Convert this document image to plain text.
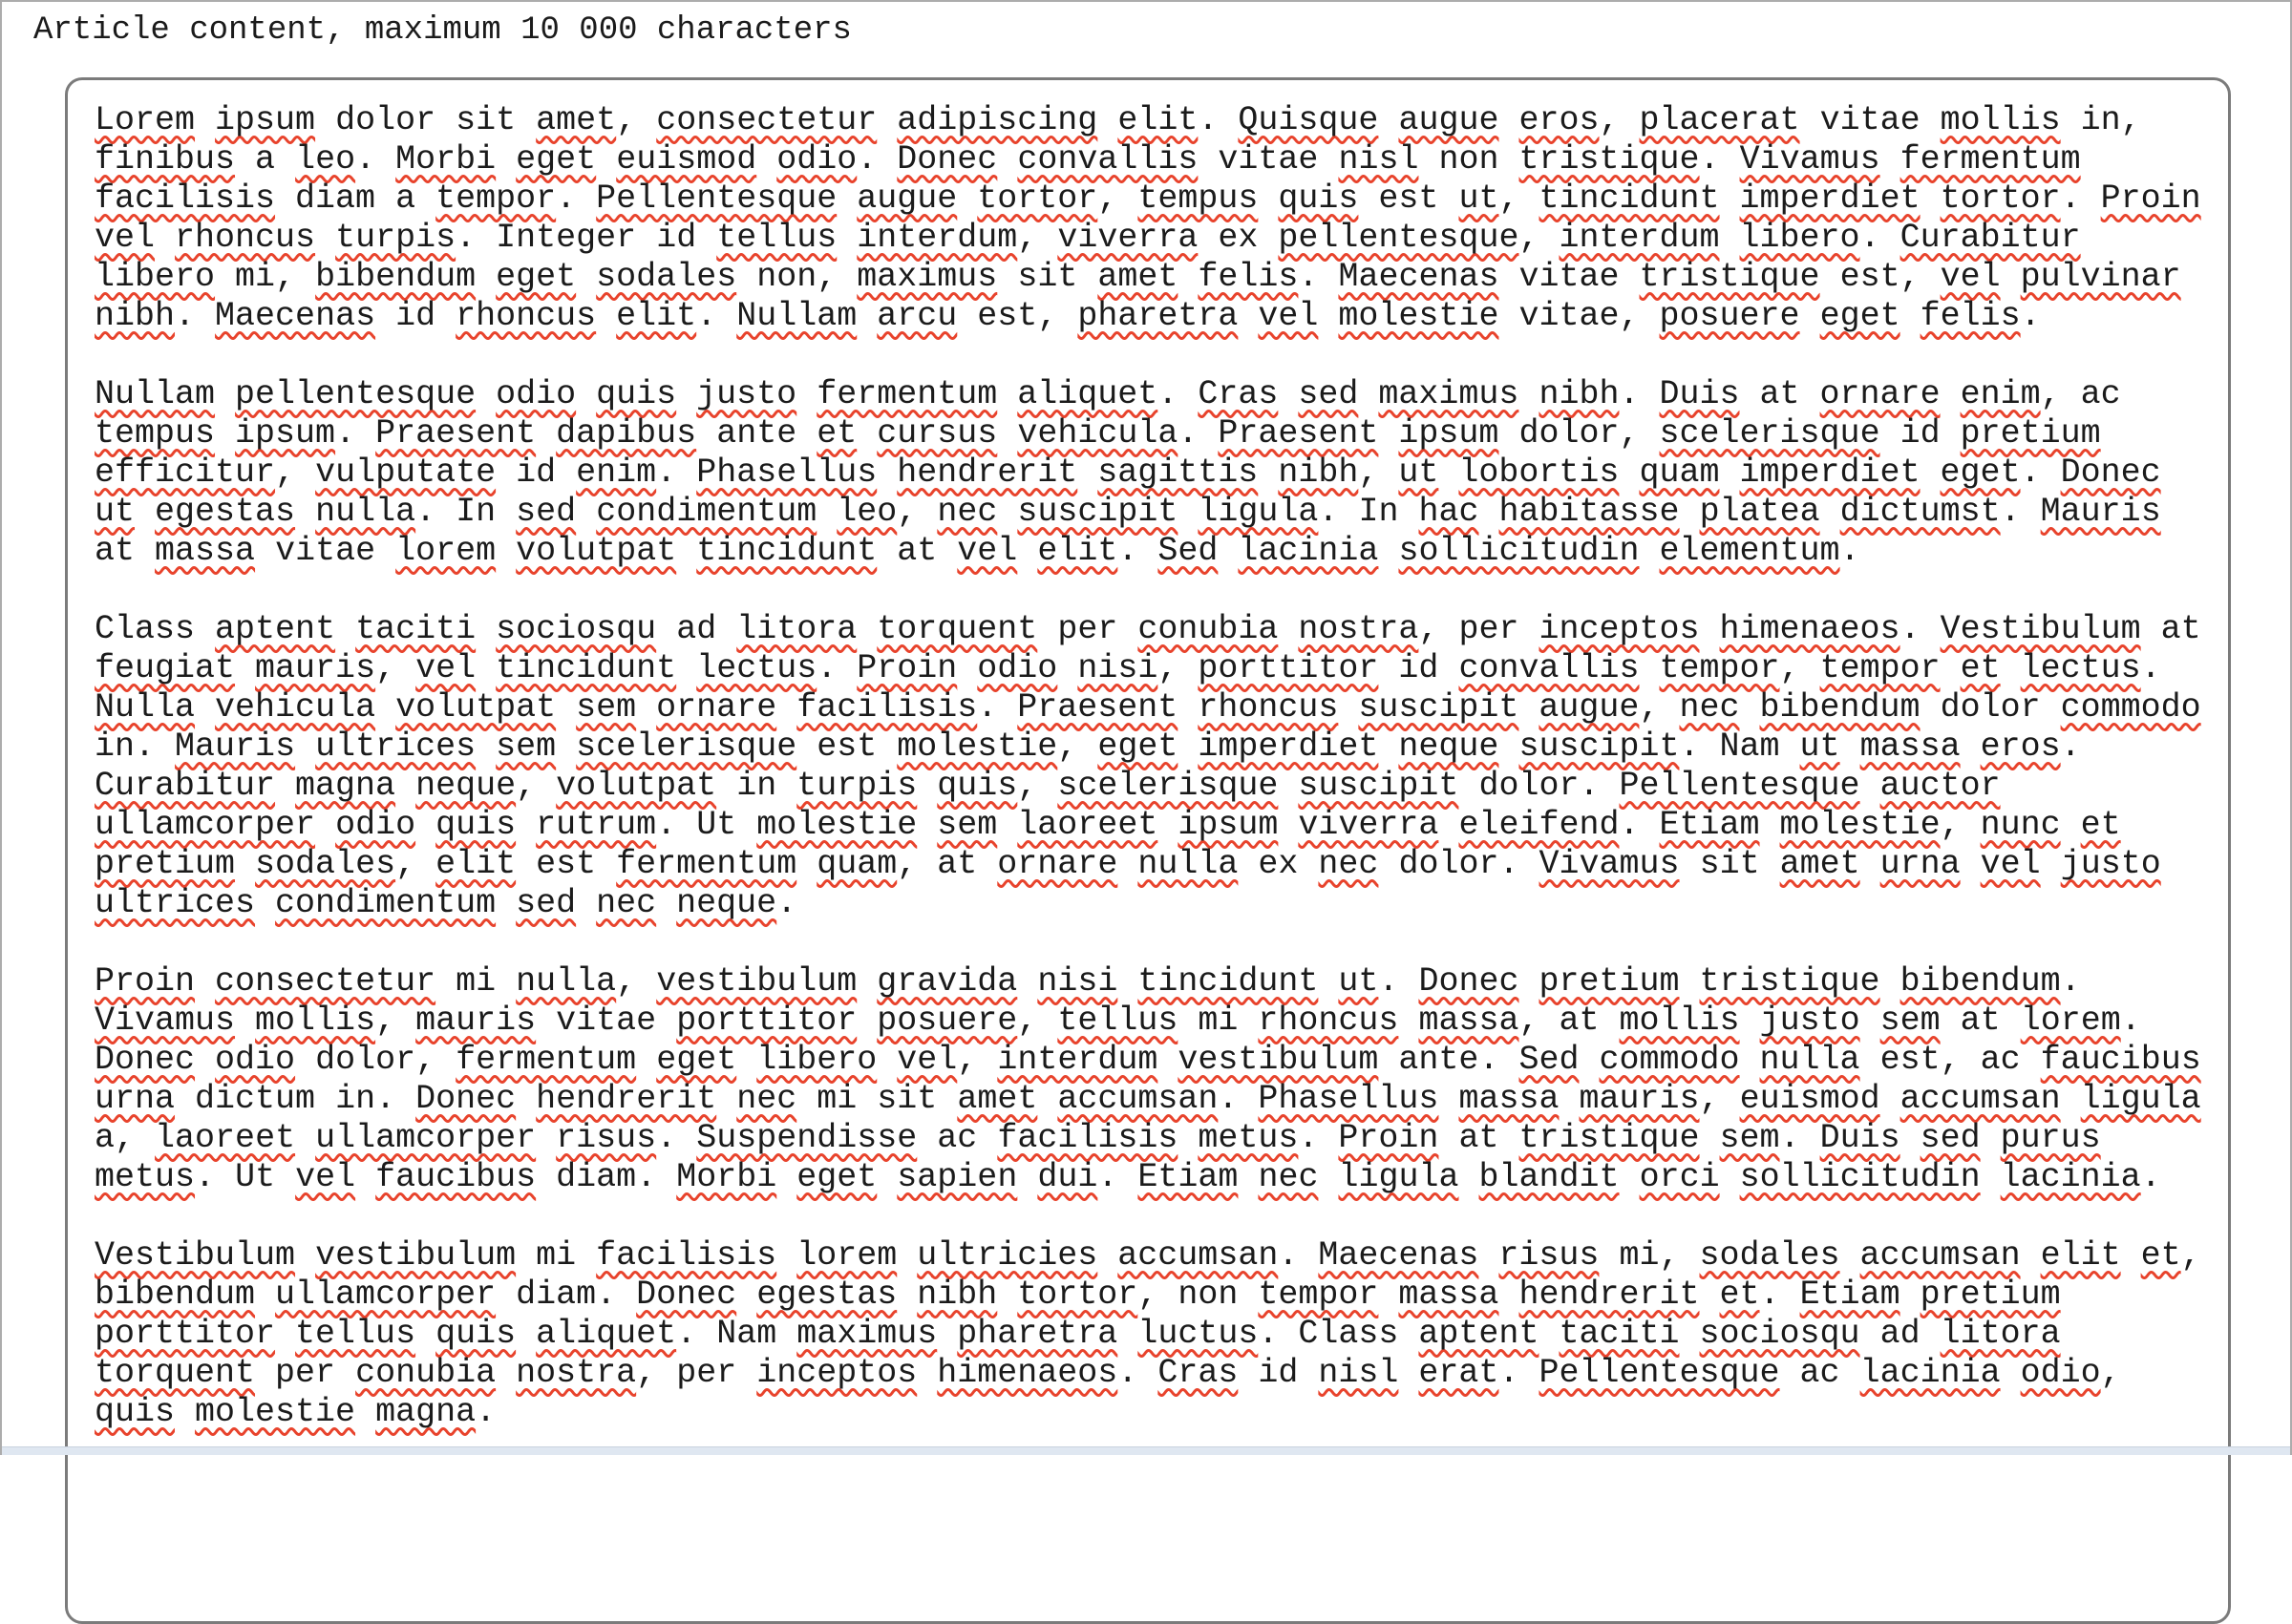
Article content, maximum 10 000 characters
Lorem ipsum dolor sit amet, consectetur adipiscing elit. Quisque augue eros, placerat vitae mollis in, finibus a leo. Morbi eget euismod odio. Donec convallis vitae nisl non tristique. Vivamus fermentum facilisis diam a tempor. Pellentesque augue tortor, tempus quis est ut, tincidunt imperdiet tortor. Proin vel rhoncus turpis. Integer id tellus interdum, viverra ex pellentesque, interdum libero. Curabitur libero mi, bibendum eget sodales non, maximus sit amet felis. Maecenas vitae tristique est, vel pulvinar nibh. Maecenas id rhoncus elit. Nullam arcu est, pharetra vel molestie vitae, posuere eget felis.
Nullam pellentesque odio quis justo fermentum aliquet. Cras sed maximus nibh. Duis at ornare enim, ac tempus ipsum. Praesent dapibus ante et cursus vehicula. Praesent ipsum dolor, scelerisque id pretium efficitur, vulputate id enim. Phasellus hendrerit sagittis nibh, ut lobortis quam imperdiet eget. Donec ut egestas nulla. In sed condimentum leo, nec suscipit ligula. In hac habitasse platea dictumst. Mauris at massa vitae lorem volutpat tincidunt at vel elit. Sed lacinia sollicitudin elementum.
Class aptent taciti sociosqu ad litora torquent per conubia nostra, per inceptos himenaeos. Vestibulum at feugiat mauris, vel tincidunt lectus. Proin odio nisi, porttitor id convallis tempor, tempor et lectus. Nulla vehicula volutpat sem ornare facilisis. Praesent rhoncus suscipit augue, nec bibendum dolor commodo in. Mauris ultrices sem scelerisque est molestie, eget imperdiet neque suscipit. Nam ut massa eros. Curabitur magna neque, volutpat in turpis quis, scelerisque suscipit dolor. Pellentesque auctor ullamcorper odio quis rutrum. Ut molestie sem laoreet ipsum viverra eleifend. Etiam molestie, nunc et pretium sodales, elit est fermentum quam, at ornare nulla ex nec dolor. Vivamus sit amet urna vel justo ultrices condimentum sed nec neque.
Proin consectetur mi nulla, vestibulum gravida nisi tincidunt ut. Donec pretium tristique bibendum. Vivamus mollis, mauris vitae porttitor posuere, tellus mi rhoncus massa, at mollis justo sem at lorem. Donec odio dolor, fermentum eget libero vel, interdum vestibulum ante. Sed commodo nulla est, ac faucibus urna dictum in. Donec hendrerit nec mi sit amet accumsan. Phasellus massa mauris, euismod accumsan ligula a, laoreet ullamcorper risus. Suspendisse ac facilisis metus. Proin at tristique sem. Duis sed purus metus. Ut vel faucibus diam. Morbi eget sapien dui. Etiam nec ligula blandit orci sollicitudin lacinia.
Vestibulum vestibulum mi facilisis lorem ultricies accumsan. Maecenas risus mi, sodales accumsan elit et, bibendum ullamcorper diam. Donec egestas nibh tortor, non tempor massa hendrerit et. Etiam pretium porttitor tellus quis aliquet. Nam maximus pharetra luctus. Class aptent taciti sociosqu ad litora torquent per conubia nostra, per inceptos himenaeos. Cras id nisl erat. Pellentesque ac lacinia odio, quis molestie magna.
